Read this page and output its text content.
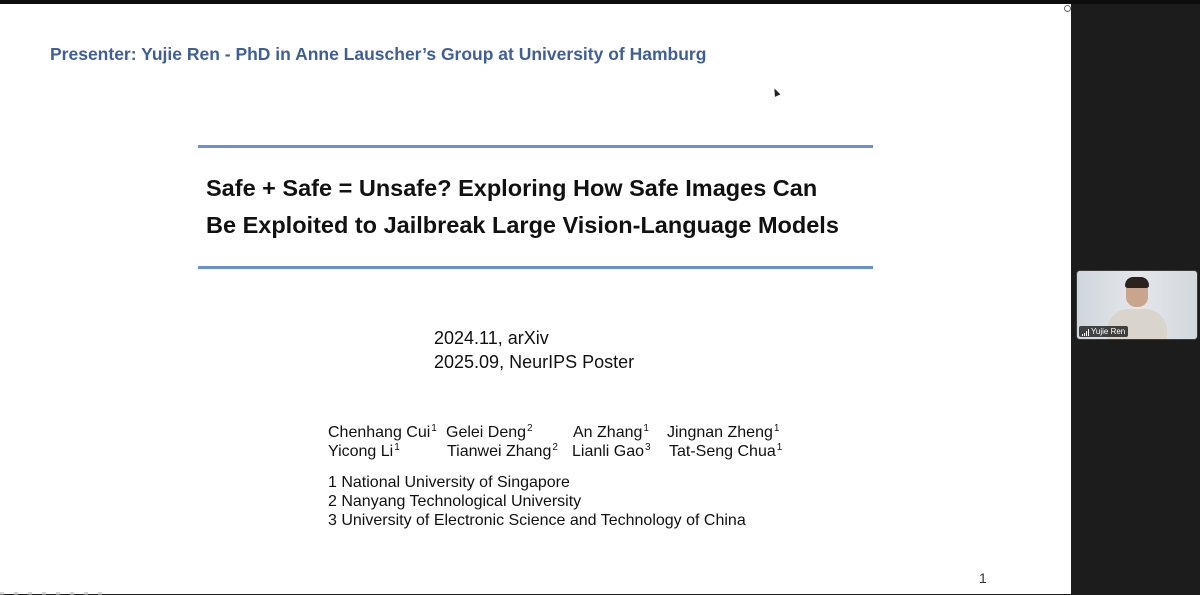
Presenter: Yujie Ren - PhD in Anne Lauscher’s Group at University of Hamburg
Safe + Safe = Unsafe? Exploring How Safe Images Can
Be Exploited to Jailbreak Large Vision-Language Models
2024.11, arXiv
2025.09, NeurIPS Poster
Chenhang Cui$^1$ Gelei Deng$^2$	An Zhang$^1$ Jingnan Zheng$^1$
Yicong Li$^1$	Tianwei Zhang$^2$ Lianli Gao$^3$ Tat-Seng Chua$^1$
1 National University of Singapore
2 Nanyang Technological University
3 University of Electronic Science and Technology of China
1
Yujie Ren
